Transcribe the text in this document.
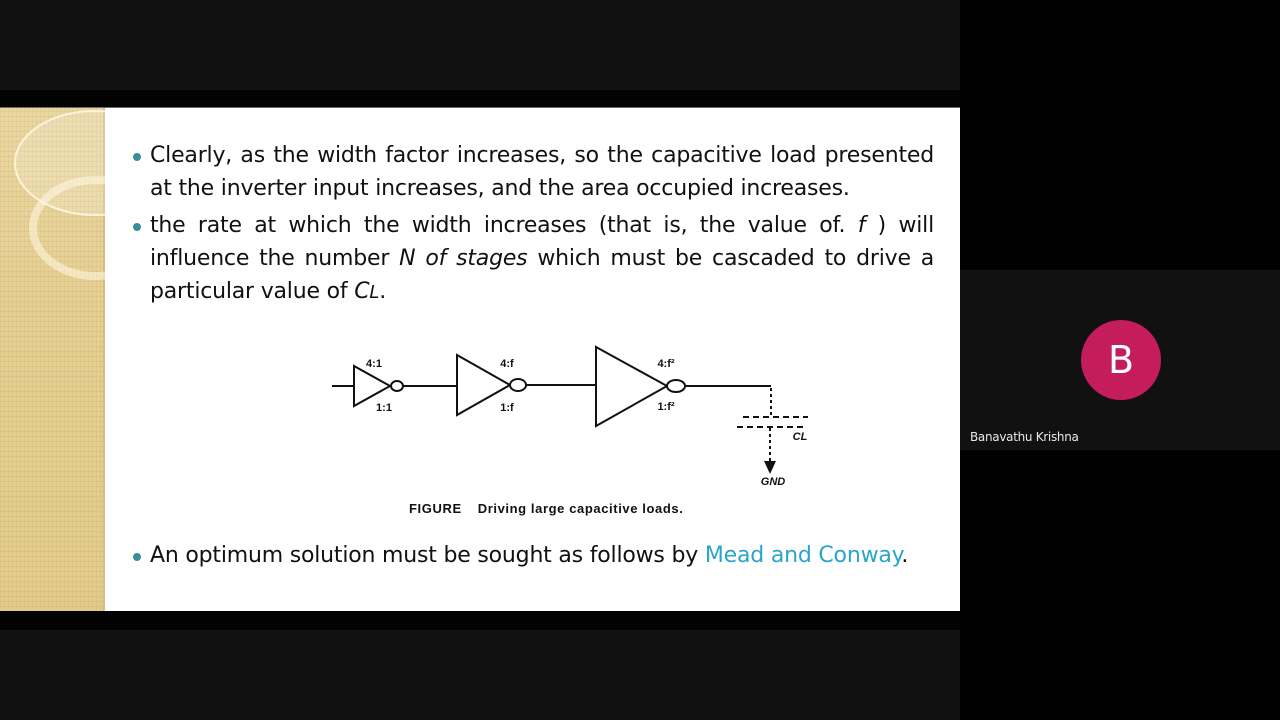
Clearly, as the width factor increases, so the capacitive load presented at the inverter input increases, and the area occupied increases.
the rate at which the width increases (that is, the value of. f ) will influence the number N of stages which must be cascaded to drive a particular value of CL.
4:1
1:1
4:f
1:f
4:f²
1:f²
CL
GND
FIGURE Driving large capacitive loads.
An optimum solution must be sought as follows by Mead and Conway.
B
Banavathu Krishna
